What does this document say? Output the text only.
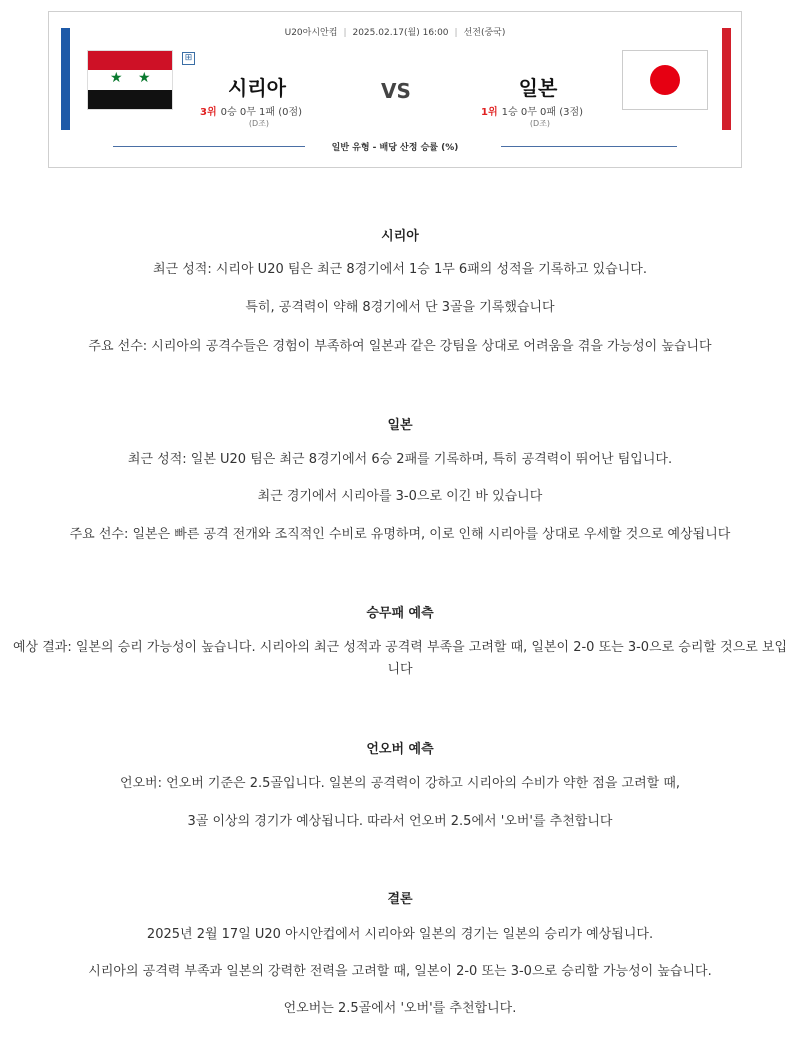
U20아시안컵 | 2025.02.17(월) 16:00 | 선전(중국)
★ ★
⊞
시리아
3위 0승 0무 1패 (0점)
(D조)
VS	일본
1위 1승 0무 0패 (3점)
(D조)
일반 유형 - 배당 산정 승률 (%)
시리아
최근 성적: 시리아 U20 팀은 최근 8경기에서 1승 1무 6패의 성적을 기록하고 있습니다.
특히, 공격력이 약해 8경기에서 단 3골을 기록했습니다
주요 선수: 시리아의 공격수들은 경험이 부족하여 일본과 같은 강팀을 상대로 어려움을 겪을 가능성이 높습니다
일본
최근 성적: 일본 U20 팀은 최근 8경기에서 6승 2패를 기록하며, 특히 공격력이 뛰어난 팀입니다.
최근 경기에서 시리아를 3-0으로 이긴 바 있습니다
주요 선수: 일본은 빠른 공격 전개와 조직적인 수비로 유명하며, 이로 인해 시리아를 상대로 우세할 것으로 예상됩니다
승무패 예측
예상 결과: 일본의 승리 가능성이 높습니다. 시리아의 최근 성적과 공격력 부족을 고려할 때, 일본이 2-0 또는 3-0으로 승리할 것으로 보입니다
언오버 예측
언오버: 언오버 기준은 2.5골입니다. 일본의 공격력이 강하고 시리아의 수비가 약한 점을 고려할 때,
3골 이상의 경기가 예상됩니다. 따라서 언오버 2.5에서 '오버'를 추천합니다
결론
2025년 2월 17일 U20 아시안컵에서 시리아와 일본의 경기는 일본의 승리가 예상됩니다.
시리아의 공격력 부족과 일본의 강력한 전력을 고려할 때, 일본이 2-0 또는 3-0으로 승리할 가능성이 높습니다.
언오버는 2.5골에서 '오버'를 추천합니다.
